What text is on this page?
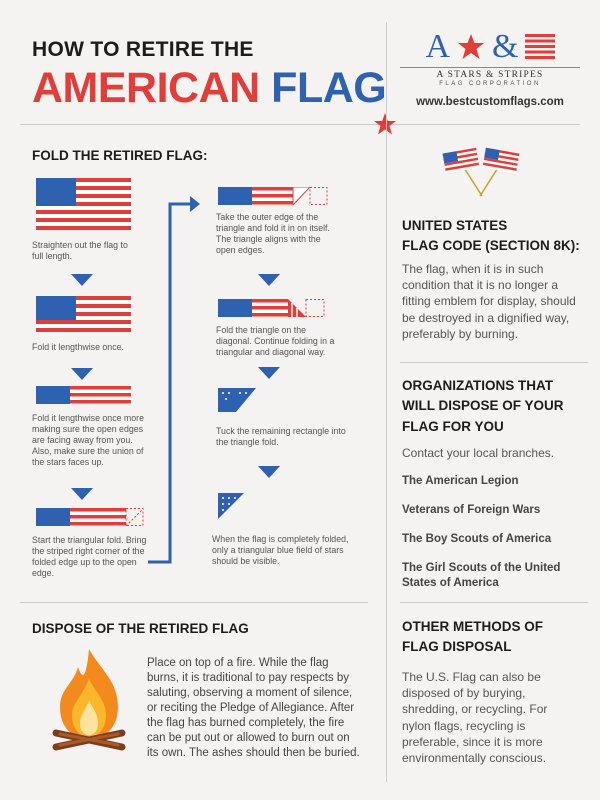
HOW TO RETIRE THE
AMERICAN FLAG
A &
A STARS & STRIPES
FLAG CORPORATION
www.bestcustomflags.com
FOLD THE RETIRED FLAG:
Straighten out the flag to full length.
Fold it lengthwise once.
Fold it lengthwise once more making sure the open edges are facing away from you. Also, make sure the union of the stars faces up.
Start the triangular fold. Bring the striped right corner of the folded edge up to the open edge.
Take the outer edge of the triangle and fold it in on itself. The triangle aligns with the open edges.
Fold the triangle on the diagonal. Continue folding in a triangular and diagonal way.
Tuck the remaining rectangle into the triangle fold.
When the flag is completely folded, only a triangular blue field of stars should be visible.
UNITED STATES
FLAG CODE (SECTION 8K):
The flag, when it is in such condition that it is no longer a fitting emblem for display, should be destroyed in a dignified way, preferably by burning.
ORGANIZATIONS THAT
WILL DISPOSE OF YOUR
FLAG FOR YOU
Contact your local branches.
The American Legion
Veterans of Foreign Wars
The Boy Scouts of America
The Girl Scouts of the United States of America
OTHER METHODS OF
FLAG DISPOSAL
The U.S. Flag can also be disposed of by burying, shredding, or recycling. For nylon flags, recycling is preferable, since it is more environmentally conscious.
DISPOSE OF THE RETIRED FLAG
Place on top of a fire. While the flag burns, it is traditional to pay respects by saluting, observing a moment of silence, or reciting the Pledge of Allegiance. After the flag has burned completely, the fire can be put out or allowed to burn out on its own. The ashes should then be buried.
